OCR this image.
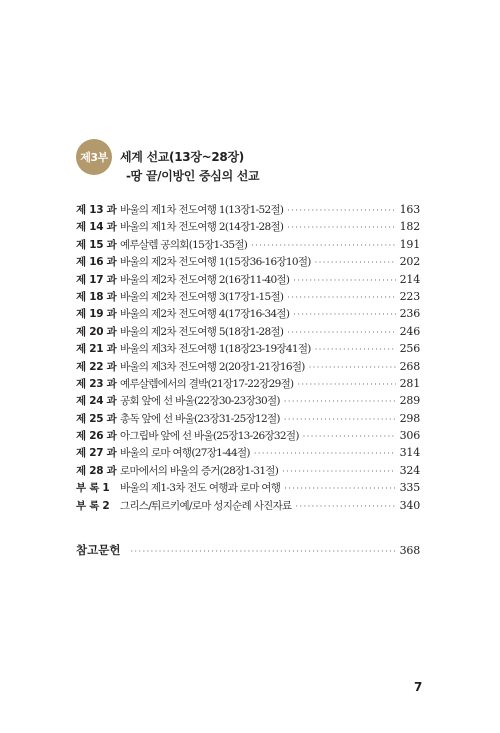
제3부	세계 선교(13장~28장)
-땅 끝/이방인 중심의 선교
제 13 과 바울의 제1차 전도여행 1(13장1-52절) ·····	163
제 14 과 바울의 제1차 전도여행 2(14장1-28절) ·····	182
제 15 과 예루살렘 공의회(15장1-35절) ·····	191
제 16 과 바울의 제2차 전도여행 1(15장36-16장10절) ·····	202
제 17 과 바울의 제2차 전도여행 2(16장11-40절) ·····	214
제 18 과 바울의 제2차 전도여행 3(17장1-15절) ·····	223
제 19 과 바울의 제2차 전도여행 4(17장16-34절) ·····	236
제 20 과 바울의 제2차 전도여행 5(18장1-28절) ·····	246
제 21 과 바울의 제3차 전도여행 1(18장23-19장41절) ·····	256
제 22 과 바울의 제3차 전도여행 2(20장1-21장16절) ·····	268
제 23 과 예루살렘에서의 결박(21장17-22장29절) ·····	281
제 24 과 공회 앞에 선 바울(22장30-23장30절) ·····	289
제 25 과 총독 앞에 선 바울(23장31-25장12절) ·····	298
제 26 과 아그립바 앞에 선 바울(25장13-26장32절) ·····	306
제 27 과 바울의 로마 여행(27장1-44절) ·····	314
제 28 과 로마에서의 바울의 증거(28장1-31절) ·····	324
부 록 1	바울의 제1-3차 전도 여행과 로마 여행 ·····	335
부 록 2	그리스/튀르키예/로마 성지순례 사진자료 ·····	340
참고문헌 ·····	368
7
